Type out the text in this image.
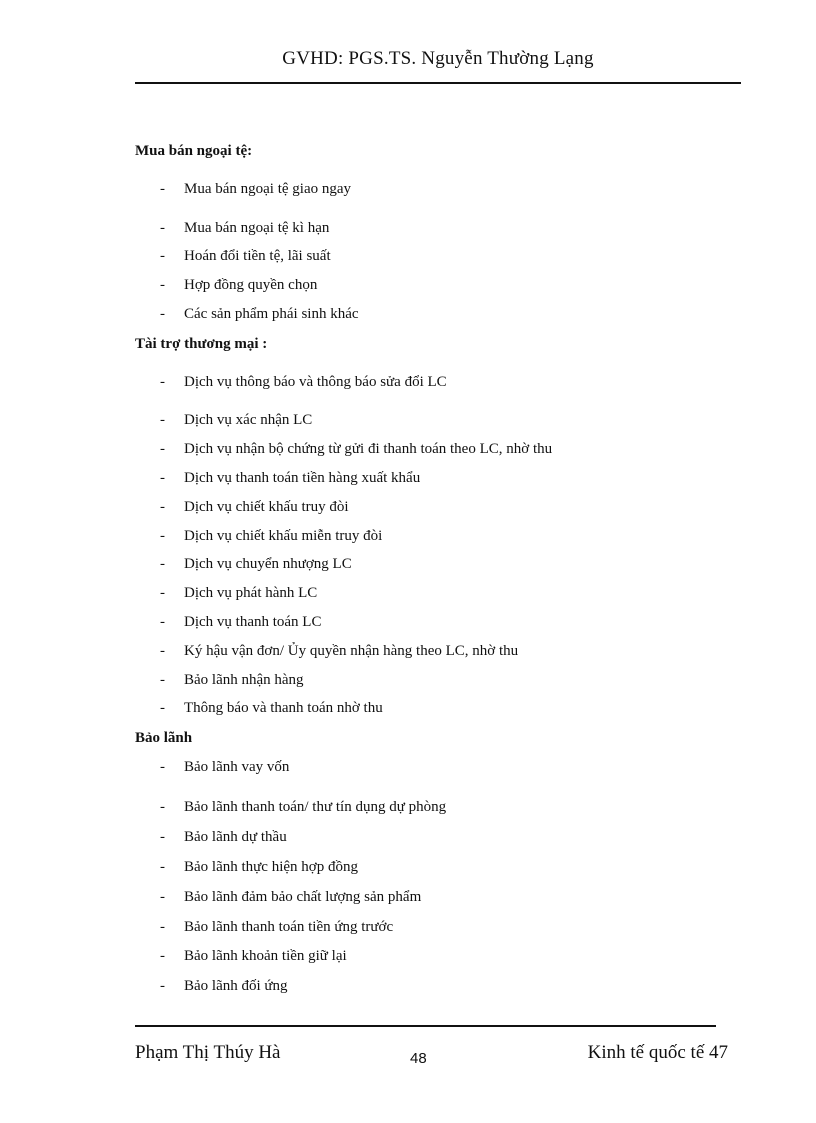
GVHD: PGS.TS. Nguyễn Thường Lạng
Mua bán ngoại tệ:
- Mua bán ngoại tệ giao ngay
- Mua bán ngoại tệ kì hạn
- Hoán đổi tiền tệ, lãi suất
- Hợp đồng quyền chọn
- Các sản phẩm phái sinh khác
Tài trợ thương mại :
- Dịch vụ thông báo và thông báo sửa đổi LC
- Dịch vụ xác nhận LC
- Dịch vụ nhận bộ chứng từ gửi đi thanh toán theo LC, nhờ thu
- Dịch vụ thanh toán tiền hàng xuất khẩu
- Dịch vụ chiết khấu truy đòi
- Dịch vụ chiết khấu miễn truy đòi
- Dịch vụ chuyển nhượng LC
- Dịch vụ phát hành LC
- Dịch vụ thanh toán LC
- Ký hậu vận đơn/ Ủy quyền nhận hàng theo LC, nhờ thu
- Bảo lãnh nhận hàng
- Thông báo và thanh toán nhờ thu
Bảo lãnh
- Bảo lãnh vay vốn
- Bảo lãnh thanh toán/ thư tín dụng dự phòng
- Bảo lãnh dự thầu
- Bảo lãnh thực hiện hợp đồng
- Bảo lãnh đảm bảo chất lượng sản phẩm
- Bảo lãnh thanh toán tiền ứng trước
- Bảo lãnh khoản tiền giữ lại
- Bảo lãnh đối ứng
Phạm Thị Thúy Hà	48	Kinh tế quốc tế 47
